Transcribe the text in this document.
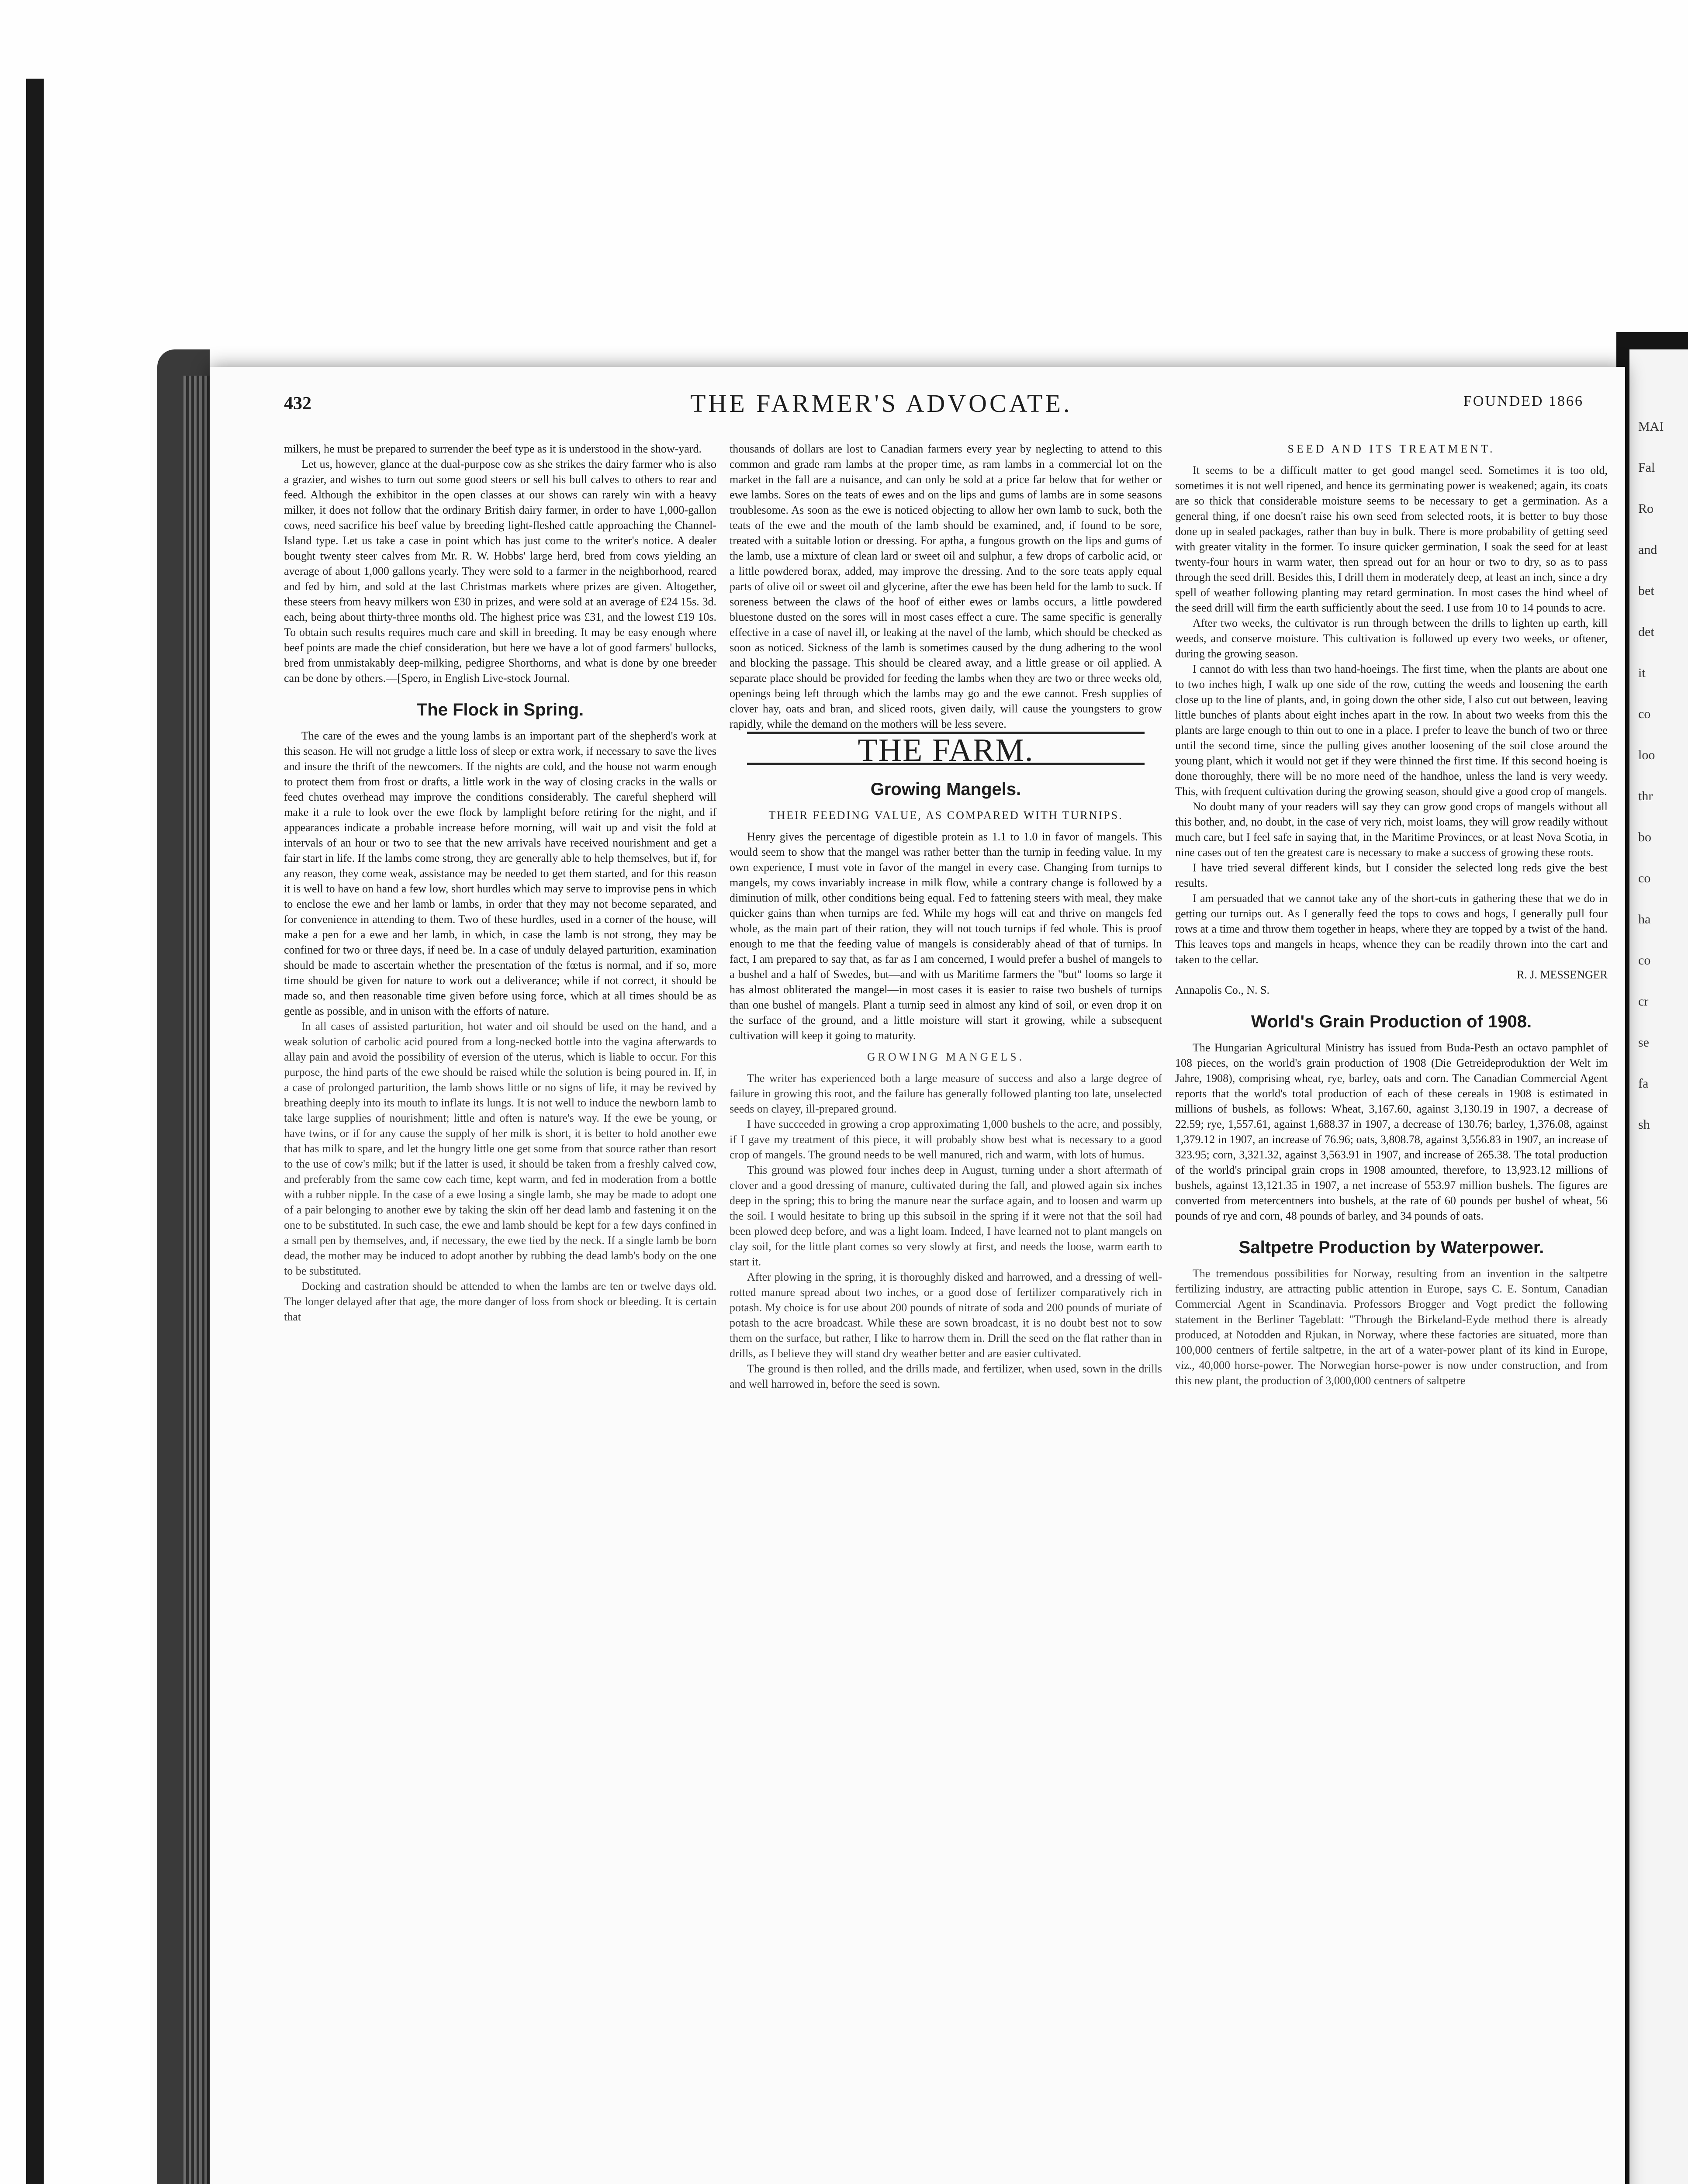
MAI
Fal
Ro
and
bet
det
it
co
loo
thr
bo
co
ha
co
cr
se
fa
sh
432	THE FARMER'S ADVOCATE.	FOUNDED 1866

milkers, he must be prepared to surrender the beef type as it is understood in the show-yard.

Let us, however, glance at the dual-purpose cow as she strikes the dairy farmer who is also a grazier, and wishes to turn out some good steers or sell his bull calves to others to rear and feed. Although the exhibitor in the open classes at our shows can rarely win with a heavy milker, it does not follow that the ordinary British dairy farmer, in order to have 1,000-gallon cows, need sacrifice his beef value by breeding light-fleshed cattle approaching the Channel-Island type. Let us take a case in point which has just come to the writer's notice. A dealer bought twenty steer calves from Mr. R. W. Hobbs' large herd, bred from cows yielding an average of about 1,000 gallons yearly. They were sold to a farmer in the neighborhood, reared and fed by him, and sold at the last Christmas markets where prizes are given. Altogether, these steers from heavy milkers won £30 in prizes, and were sold at an average of £24 15s. 3d. each, being about thirty-three months old. The highest price was £31, and the lowest £19 10s. To obtain such results requires much care and skill in breeding. It may be easy enough where beef points are made the chief consideration, but here we have a lot of good farmers' bullocks, bred from unmistakably deep-milking, pedigree Shorthorns, and what is done by one breeder can be done by others.—[Spero, in English Live-stock Journal.

The Flock in Spring.

The care of the ewes and the young lambs is an important part of the shepherd's work at this season. He will not grudge a little loss of sleep or extra work, if necessary to save the lives and insure the thrift of the newcomers. If the nights are cold, and the house not warm enough to protect them from frost or drafts, a little work in the way of closing cracks in the walls or feed chutes overhead may improve the conditions considerably. The careful shepherd will make it a rule to look over the ewe flock by lamplight before retiring for the night, and if appearances indicate a probable increase before morning, will wait up and visit the fold at intervals of an hour or two to see that the new arrivals have received nourishment and get a fair start in life. If the lambs come strong, they are generally able to help themselves, but if, for any reason, they come weak, assistance may be needed to get them started, and for this reason it is well to have on hand a few low, short hurdles which may serve to improvise pens in which to enclose the ewe and her lamb or lambs, in order that they may not become separated, and for convenience in attending to them. Two of these hurdles, used in a corner of the house, will make a pen for a ewe and her lamb, in which, in case the lamb is not strong, they may be confined for two or three days, if need be. In a case of unduly delayed parturition, examination should be made to ascertain whether the presentation of the fœtus is normal, and if so, more time should be given for nature to work out a deliverance; while if not correct, it should be made so, and then reasonable time given before using force, which at all times should be as gentle as possible, and in unison with the efforts of nature.

In all cases of assisted parturition, hot water and oil should be used on the hand, and a weak solution of carbolic acid poured from a long-necked bottle into the vagina afterwards to allay pain and avoid the possibility of eversion of the uterus, which is liable to occur. For this purpose, the hind parts of the ewe should be raised while the solution is being poured in. If, in a case of prolonged parturition, the lamb shows little or no signs of life, it may be revived by breathing deeply into its mouth to inflate its lungs. It is not well to induce the newborn lamb to take large supplies of nourishment; little and often is nature's way. If the ewe be young, or have twins, or if for any cause the supply of her milk is short, it is better to hold another ewe that has milk to spare, and let the hungry little one get some from that source rather than resort to the use of cow's milk; but if the latter is used, it should be taken from a freshly calved cow, and preferably from the same cow each time, kept warm, and fed in moderation from a bottle with a rubber nipple. In the case of a ewe losing a single lamb, she may be made to adopt one of a pair belonging to another ewe by taking the skin off her dead lamb and fastening it on the one to be substituted. In such case, the ewe and lamb should be kept for a few days confined in a small pen by themselves, and, if necessary, the ewe tied by the neck. If a single lamb be born dead, the mother may be induced to adopt another by rubbing the dead lamb's body on the one to be substituted.

Docking and castration should be attended to when the lambs are ten or twelve days old. The longer delayed after that age, the more danger of loss from shock or bleeding. It is certain that

thousands of dollars are lost to Canadian farmers every year by neglecting to attend to this common and grade ram lambs at the proper time, as ram lambs in a commercial lot on the market in the fall are a nuisance, and can only be sold at a price far below that for wether or ewe lambs. Sores on the teats of ewes and on the lips and gums of lambs are in some seasons troublesome. As soon as the ewe is noticed objecting to allow her own lamb to suck, both the teats of the ewe and the mouth of the lamb should be examined, and, if found to be sore, treated with a suitable lotion or dressing. For aptha, a fungous growth on the lips and gums of the lamb, use a mixture of clean lard or sweet oil and sulphur, a few drops of carbolic acid, or a little powdered borax, added, may improve the dressing. And to the sore teats apply equal parts of olive oil or sweet oil and glycerine, after the ewe has been held for the lamb to suck. If soreness between the claws of the hoof of either ewes or lambs occurs, a little powdered bluestone dusted on the sores will in most cases effect a cure. The same specific is generally effective in a case of navel ill, or leaking at the navel of the lamb, which should be checked as soon as noticed. Sickness of the lamb is sometimes caused by the dung adhering to the wool and blocking the passage. This should be cleared away, and a little grease or oil applied. A separate place should be provided for feeding the lambs when they are two or three weeks old, openings being left through which the lambs may go and the ewe cannot. Fresh supplies of clover hay, oats and bran, and sliced roots, given daily, will cause the youngsters to grow rapidly, while the demand on the mothers will be less severe.

THE FARM.
Growing Mangels.
THEIR FEEDING VALUE, AS COMPARED WITH TURNIPS.

Henry gives the percentage of digestible protein as 1.1 to 1.0 in favor of mangels. This would seem to show that the mangel was rather better than the turnip in feeding value. In my own experience, I must vote in favor of the mangel in every case. Changing from turnips to mangels, my cows invariably increase in milk flow, while a contrary change is followed by a diminution of milk, other conditions being equal. Fed to fattening steers with meal, they make quicker gains than when turnips are fed. While my hogs will eat and thrive on mangels fed whole, as the main part of their ration, they will not touch turnips if fed whole. This is proof enough to me that the feeding value of mangels is considerably ahead of that of turnips. In fact, I am prepared to say that, as far as I am concerned, I would prefer a bushel of mangels to a bushel and a half of Swedes, but—and with us Maritime farmers the "but" looms so large it has almost obliterated the mangel—in most cases it is easier to raise two bushels of turnips than one bushel of mangels. Plant a turnip seed in almost any kind of soil, or even drop it on the surface of the ground, and a little moisture will start it growing, while a subsequent cultivation will keep it going to maturity.

GROWING MANGELS.

The writer has experienced both a large measure of success and also a large degree of failure in growing this root, and the failure has generally followed planting too late, unselected seeds on clayey, ill-prepared ground.

I have succeeded in growing a crop approximating 1,000 bushels to the acre, and possibly, if I gave my treatment of this piece, it will probably show best what is necessary to a good crop of mangels. The ground needs to be well manured, rich and warm, with lots of humus.

This ground was plowed four inches deep in August, turning under a short aftermath of clover and a good dressing of manure, cultivated during the fall, and plowed again six inches deep in the spring; this to bring the manure near the surface again, and to loosen and warm up the soil. I would hesitate to bring up this subsoil in the spring if it were not that the soil had been plowed deep before, and was a light loam. Indeed, I have learned not to plant mangels on clay soil, for the little plant comes so very slowly at first, and needs the loose, warm earth to start it.

After plowing in the spring, it is thoroughly disked and harrowed, and a dressing of well-rotted manure spread about two inches, or a good dose of fertilizer comparatively rich in potash. My choice is for use about 200 pounds of nitrate of soda and 200 pounds of muriate of potash to the acre broadcast. While these are sown broadcast, it is no doubt best not to sow them on the surface, but rather, I like to harrow them in. Drill the seed on the flat rather than in drills, as I believe they will stand dry weather better and are easier cultivated.

The ground is then rolled, and the drills made, and fertilizer, when used, sown in the drills and well harrowed in, before the seed is sown.

SEED AND ITS TREATMENT.

It seems to be a difficult matter to get good mangel seed. Sometimes it is too old, sometimes it is not well ripened, and hence its germinating power is weakened; again, its coats are so thick that considerable moisture seems to be necessary to get a germination. As a general thing, if one doesn't raise his own seed from selected roots, it is better to buy those done up in sealed packages, rather than buy in bulk. There is more probability of getting seed with greater vitality in the former. To insure quicker germination, I soak the seed for at least twenty-four hours in warm water, then spread out for an hour or two to dry, so as to pass through the seed drill. Besides this, I drill them in moderately deep, at least an inch, since a dry spell of weather following planting may retard germination. In most cases the hind wheel of the seed drill will firm the earth sufficiently about the seed. I use from 10 to 14 pounds to acre.

After two weeks, the cultivator is run through between the drills to lighten up earth, kill weeds, and conserve moisture. This cultivation is followed up every two weeks, or oftener, during the growing season.

I cannot do with less than two hand-hoeings. The first time, when the plants are about one to two inches high, I walk up one side of the row, cutting the weeds and loosening the earth close up to the line of plants, and, in going down the other side, I also cut out between, leaving little bunches of plants about eight inches apart in the row. In about two weeks from this the plants are large enough to thin out to one in a place. I prefer to leave the bunch of two or three until the second time, since the pulling gives another loosening of the soil close around the young plant, which it would not get if they were thinned the first time. If this second hoeing is done thoroughly, there will be no more need of the handhoe, unless the land is very weedy. This, with frequent cultivation during the growing season, should give a good crop of mangels.

No doubt many of your readers will say they can grow good crops of mangels without all this bother, and, no doubt, in the case of very rich, moist loams, they will grow readily without much care, but I feel safe in saying that, in the Maritime Provinces, or at least Nova Scotia, in nine cases out of ten the greatest care is necessary to make a success of growing these roots.

I have tried several different kinds, but I consider the selected long reds give the best results.

I am persuaded that we cannot take any of the short-cuts in gathering these that we do in getting our turnips out. As I generally feed the tops to cows and hogs, I generally pull four rows at a time and throw them together in heaps, where they are topped by a twist of the hand. This leaves tops and mangels in heaps, whence they can be readily thrown into the cart and taken to the cellar.

R. J. MESSENGER

Annapolis Co., N. S.

World's Grain Production of 1908.

The Hungarian Agricultural Ministry has issued from Buda-Pesth an octavo pamphlet of 108 pieces, on the world's grain production of 1908 (Die Getreideproduktion der Welt im Jahre, 1908), comprising wheat, rye, barley, oats and corn. The Canadian Commercial Agent reports that the world's total production of each of these cereals in 1908 is estimated in millions of bushels, as follows: Wheat, 3,167.60, against 3,130.19 in 1907, a decrease of 22.59; rye, 1,557.61, against 1,688.37 in 1907, a decrease of 130.76; barley, 1,376.08, against 1,379.12 in 1907, an increase of 76.96; oats, 3,808.78, against 3,556.83 in 1907, an increase of 323.95; corn, 3,321.32, against 3,563.91 in 1907, and increase of 265.38. The total production of the world's principal grain crops in 1908 amounted, therefore, to 13,923.12 millions of bushels, against 13,121.35 in 1907, a net increase of 553.97 million bushels. The figures are converted from metercentners into bushels, at the rate of 60 pounds per bushel of wheat, 56 pounds of rye and corn, 48 pounds of barley, and 34 pounds of oats.

Saltpetre Production by Waterpower.

The tremendous possibilities for Norway, resulting from an invention in the saltpetre fertilizing industry, are attracting public attention in Europe, says C. E. Sontum, Canadian Commercial Agent in Scandinavia. Professors Brogger and Vogt predict the following statement in the Berliner Tageblatt: "Through the Birkeland-Eyde method there is already produced, at Notodden and Rjukan, in Norway, where these factories are situated, more than 100,000 centners of fertile saltpetre, in the art of a water-power plant of its kind in Europe, viz., 40,000 horse-power. The Norwegian horse-power is now under construction, and from this new plant, the production of 3,000,000 centners of saltpetre
